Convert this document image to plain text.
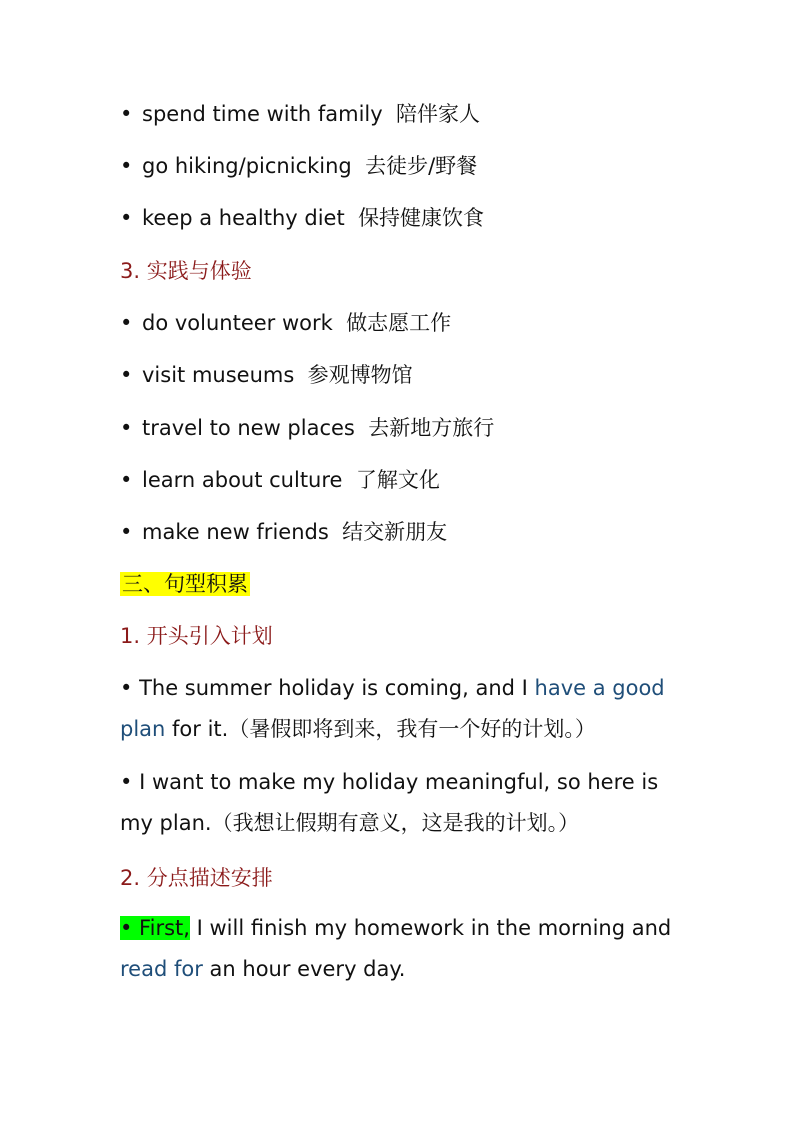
• spend time with family 陪伴家人
• go hiking/picnicking 去徒步/野餐
• keep a healthy diet 保持健康饮食
3. 实践与体验
• do volunteer work 做志愿工作
• visit museums 参观博物馆
• travel to new places 去新地方旅行
• learn about culture 了解文化
• make new friends 结交新朋友
三、句型积累
1. 开头引入计划
• The summer holiday is coming, and I have a good plan for it.（暑假即将到来，我有一个好的计划。）
• I want to make my holiday meaningful, so here is my plan.（我想让假期有意义，这是我的计划。）
2. 分点描述安排
• First, I will finish my homework in the morning and read for an hour every day.
